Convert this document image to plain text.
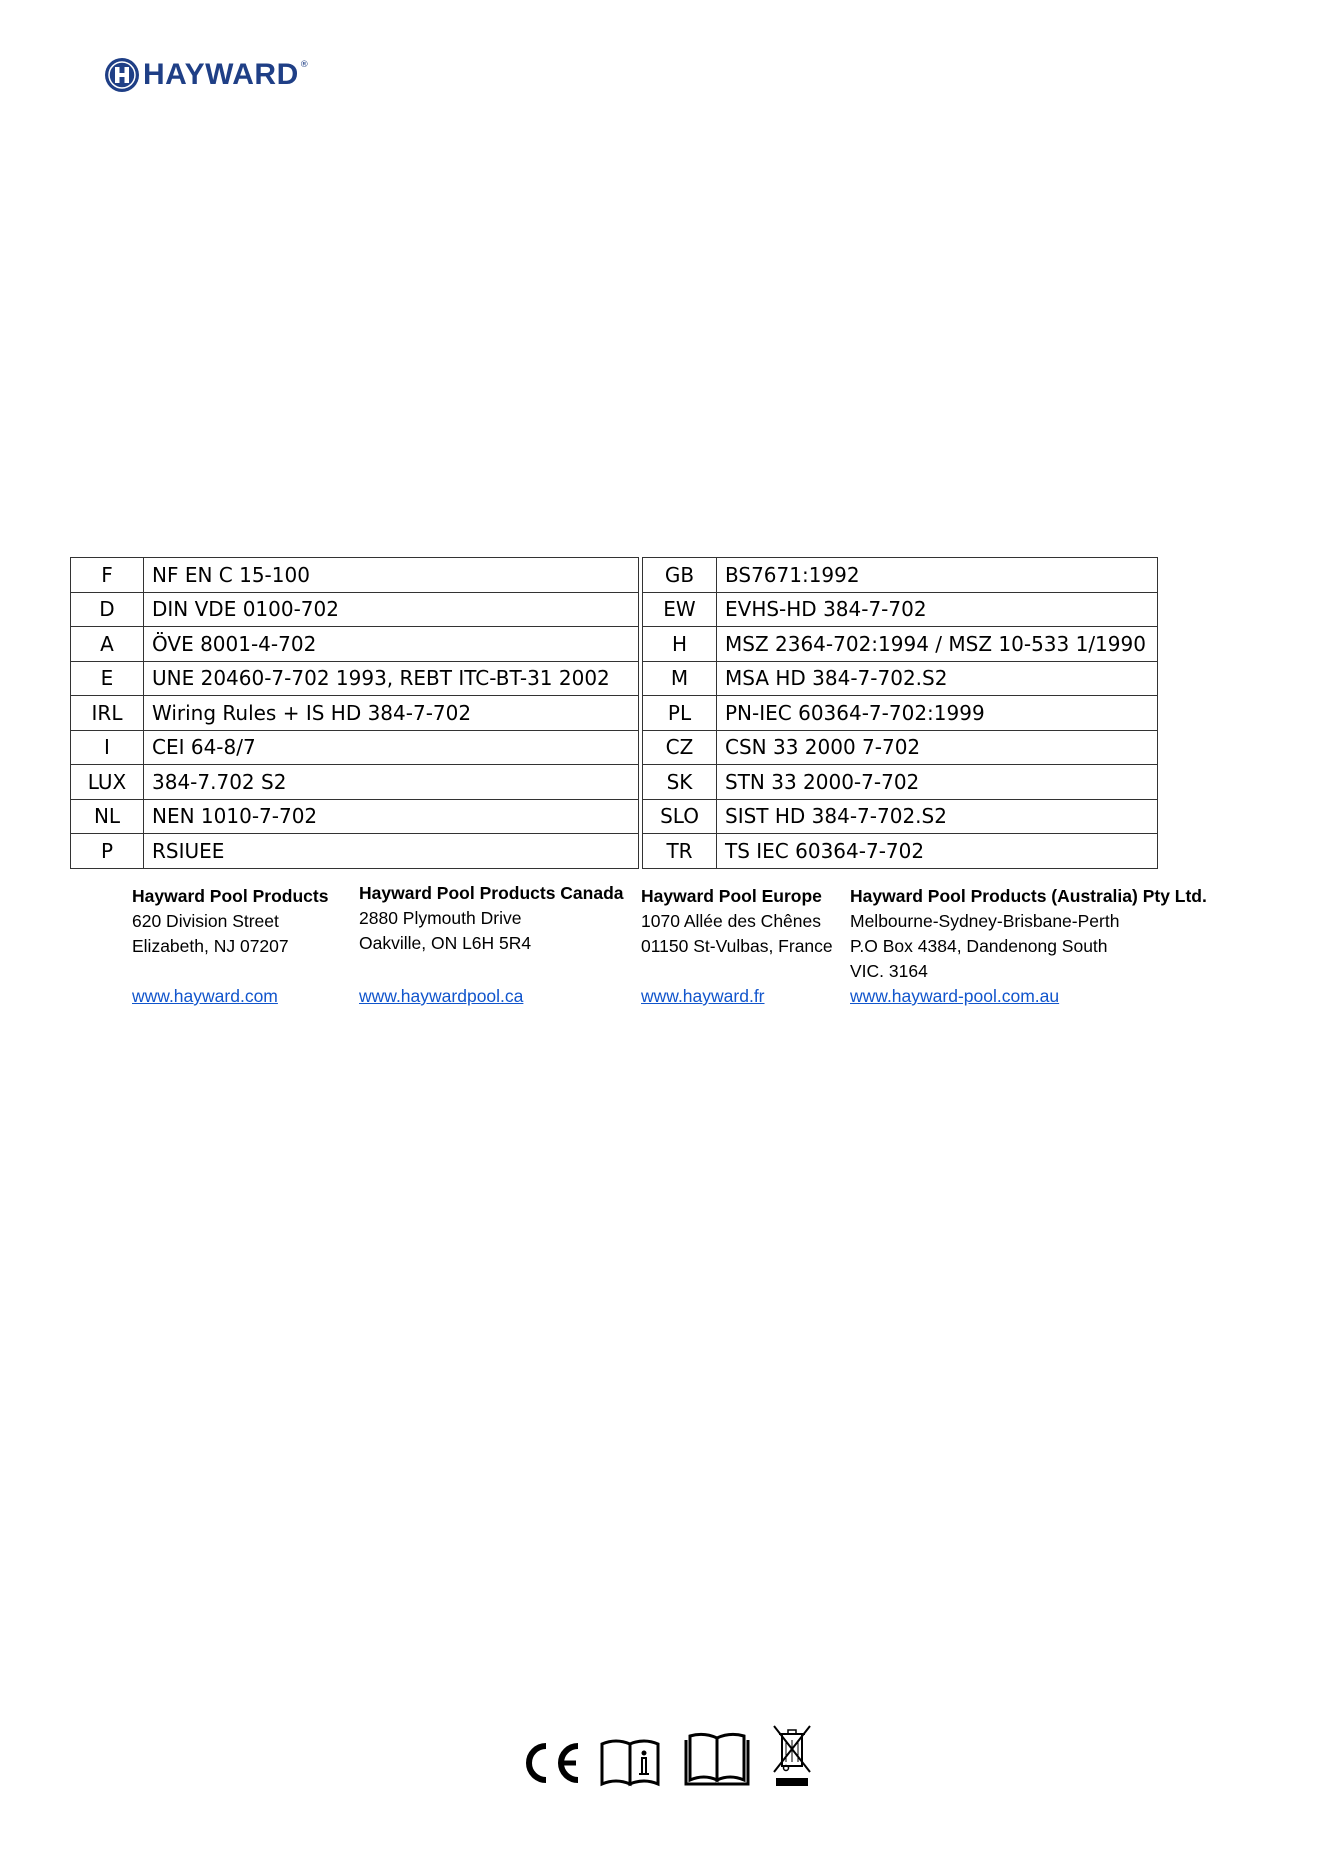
HAYWARD ®
F	NF EN C 15-100		GB	BS7671:1992
D	DIN VDE 0100-702		EW	EVHS-HD 384-7-702
A	ÖVE 8001-4-702		H	MSZ 2364-702:1994 / MSZ 10-533 1/1990
E	UNE 20460-7-702 1993, REBT ITC-BT-31 2002		M	MSA HD 384-7-702.S2
IRL	Wiring Rules + IS HD 384-7-702		PL	PN-IEC 60364-7-702:1999
I	CEI 64-8/7		CZ	CSN 33 2000 7-702
LUX	384-7.702 S2		SK	STN 33 2000-7-702
NL	NEN 1010-7-702		SLO	SIST HD 384-7-702.S2
P	RSIUEE		TR	TS IEC 60364-7-702
Hayward Pool Products
620 Division Street
Elizabeth, NJ 07207
www.hayward.com
Hayward Pool Products Canada
2880 Plymouth Drive
Oakville, ON L6H 5R4
www.haywardpool.ca
Hayward Pool Europe
1070 Allée des Chênes
01150 St-Vulbas, France
www.hayward.fr
Hayward Pool Products (Australia) Pty Ltd.
Melbourne-Sydney-Brisbane-Perth
P.O Box 4384, Dandenong South
VIC. 3164
www.hayward-pool.com.au
